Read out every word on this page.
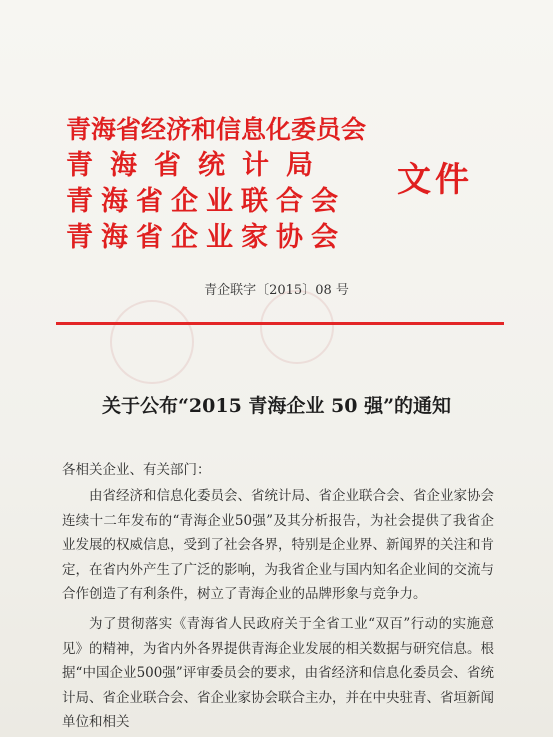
青海省经济和信息化委员会
青海省统计局
青海省企业联合会
青海省企业家协会
文件
青企联字〔2015〕08 号
关于公布“2015 青海企业 50 强”的通知
各相关企业、有关部门：

由省经济和信息化委员会、省统计局、省企业联合会、省企业家协会连续十二年发布的“青海企业50强”及其分析报告，为社会提供了我省企业发展的权威信息，受到了社会各界，特别是企业界、新闻界的关注和肯定，在省内外产生了广泛的影响，为我省企业与国内知名企业间的交流与合作创造了有利条件，树立了青海企业的品牌形象与竞争力。

为了贯彻落实《青海省人民政府关于全省工业“双百”行动的实施意见》的精神，为省内外各界提供青海企业发展的相关数据与研究信息。根据“中国企业500强”评审委员会的要求，由省经济和信息化委员会、省统计局、省企业联合会、省企业家协会联合主办，并在中央驻青、省垣新闻单位和相关
